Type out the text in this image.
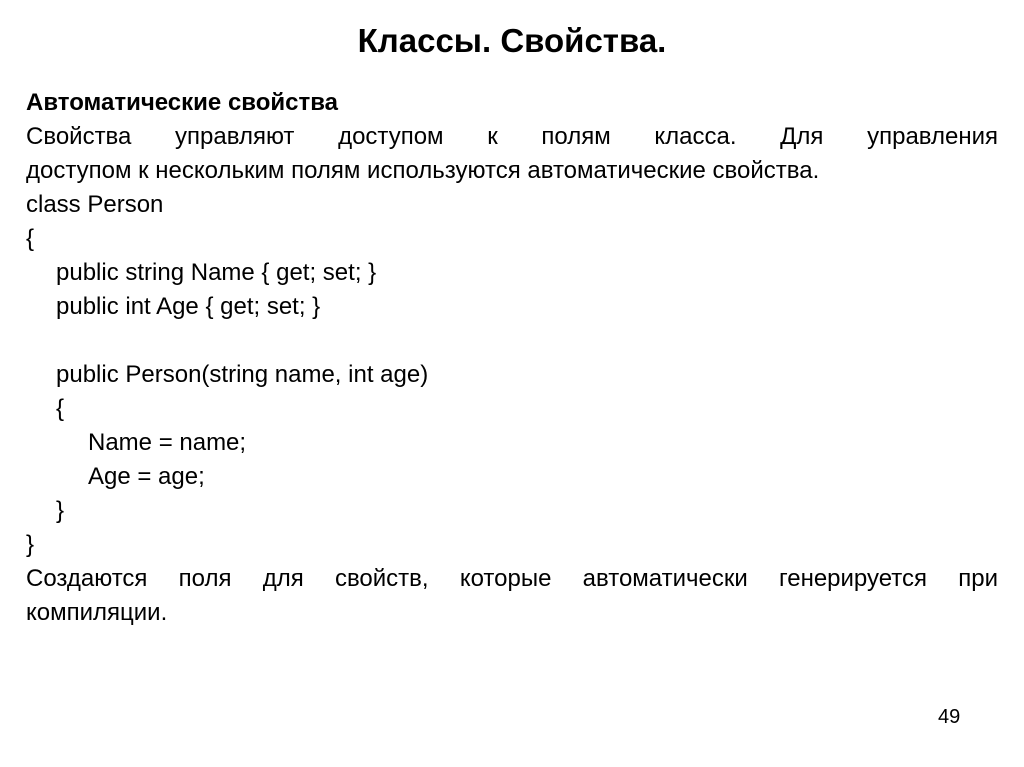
Классы. Свойства.
Автоматические свойства
Свойства управляют доступом к полям класса. Для управления
доступом к нескольким полям используются автоматические свойства.
class Person
{
public string Name { get; set; }
public int Age { get; set; }
public Person(string name, int age)
{
Name = name;
Age = age;
}
}
Создаются поля для свойств, которые автоматически генерируется при
компиляции.
49
